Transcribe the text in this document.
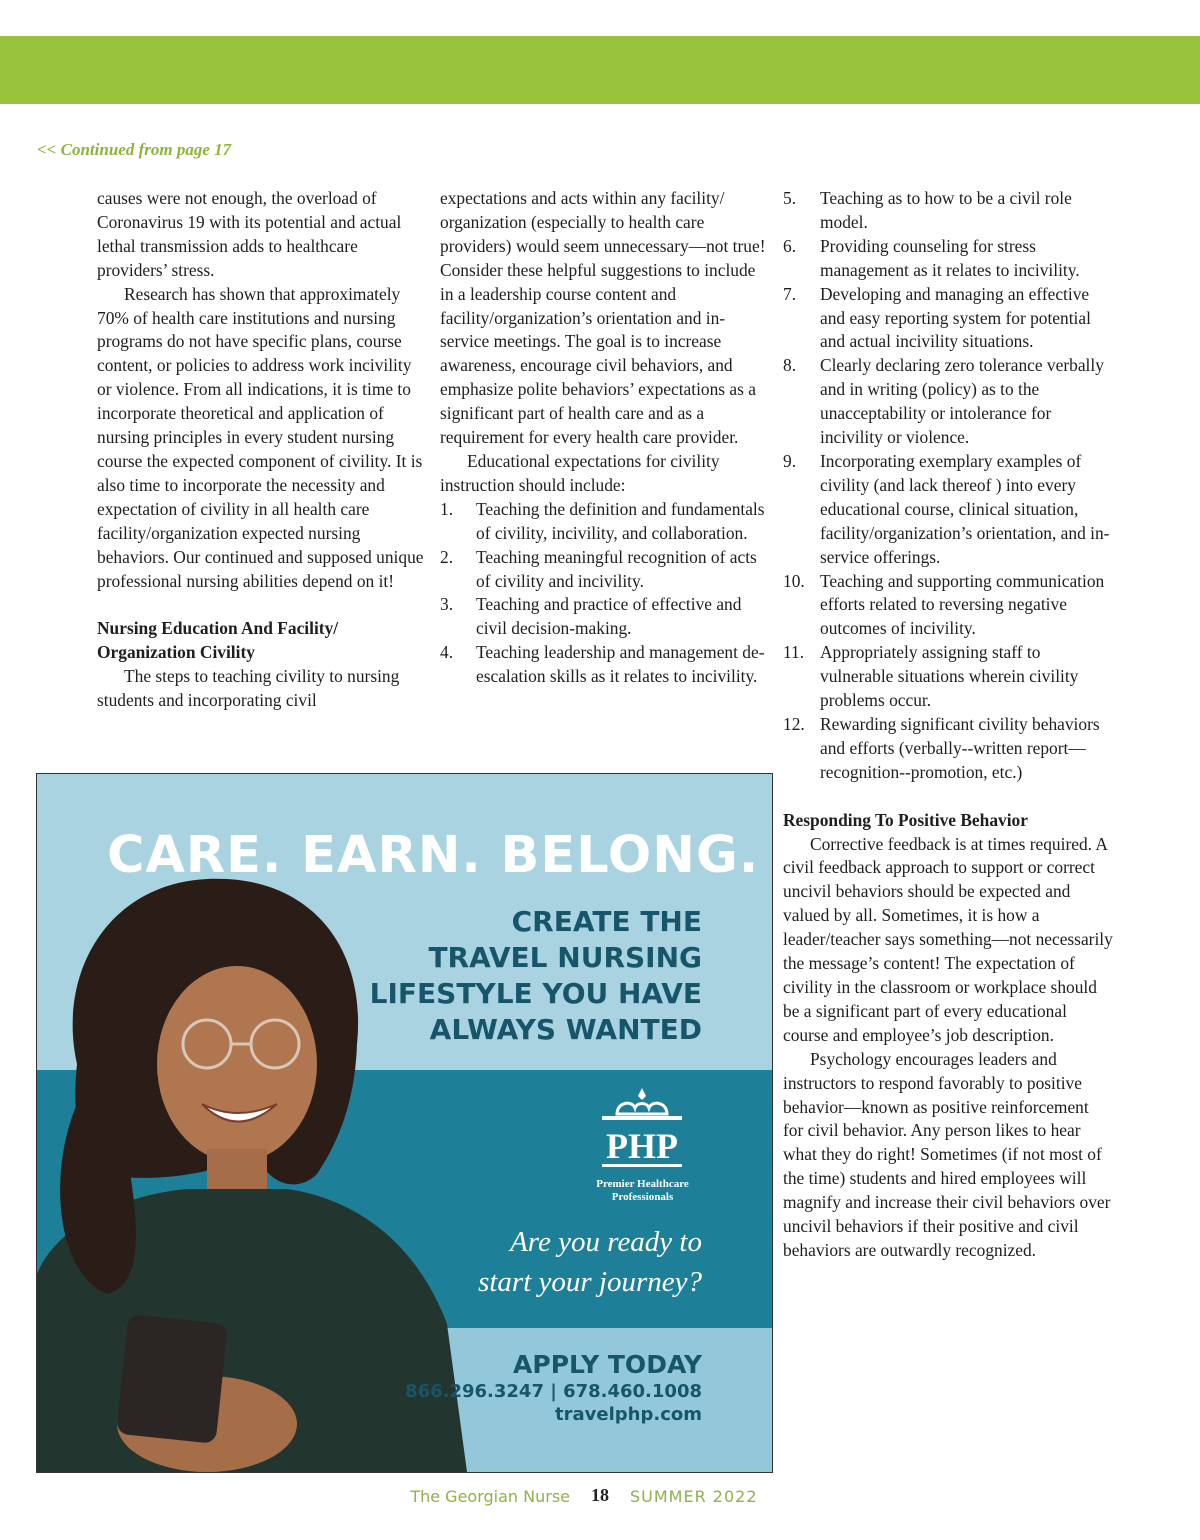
<< Continued from page 17

causes were not enough, the overload of Coronavirus 19 with its potential and actual lethal transmission adds to healthcare providers’ stress.

Research has shown that approximately 70% of health care institutions and nursing programs do not have specific plans, course content, or policies to address work incivility or violence. From all indications, it is time to incorporate theoretical and application of nursing principles in every student nursing course the expected component of civility. It is also time to incorporate the necessity and expectation of civility in all health care facility/organization expected nursing behaviors. Our continued and supposed unique professional nursing abilities depend on it!

Nursing Education And Facility/ Organization Civility

The steps to teaching civility to nursing students and incorporating civil

expectations and acts within any facility/ organization (especially to health care providers) would seem unnecessary—not true! Consider these helpful suggestions to include in a leadership course content and facility/organization’s orientation and in-service meetings. The goal is to increase awareness, encourage civil behaviors, and emphasize polite behaviors’ expectations as a significant part of health care and as a requirement for every health care provider.

Educational expectations for civility instruction should include:

1. Teaching the definition and fundamentals of civility, incivility, and collaboration.
2. Teaching meaningful recognition of acts of civility and incivility.
3. Teaching and practice of effective and civil decision-making.
4. Teaching leadership and management de-escalation skills as it relates to incivility.
5. Teaching as to how to be a civil role model.
6. Providing counseling for stress management as it relates to incivility.
7. Developing and managing an effective and easy reporting system for potential and actual incivility situations.
8. Clearly declaring zero tolerance verbally and in writing (policy) as to the unacceptability or intolerance for incivility or violence.
9. Incorporating exemplary examples of civility (and lack thereof ) into every educational course, clinical situation, facility/organization’s orientation, and in-service offerings.
10. Teaching and supporting communication efforts related to reversing negative outcomes of incivility.
11. Appropriately assigning staff to vulnerable situations wherein civility problems occur.
12. Rewarding significant civility behaviors and efforts (verbally--written report—recognition--promotion, etc.)
Responding To Positive Behavior

Corrective feedback is at times required. A civil feedback approach to support or correct uncivil behaviors should be expected and valued by all. Sometimes, it is how a leader/teacher says something—not necessarily the message’s content! The expectation of civility in the classroom or workplace should be a significant part of every educational course and employee’s job description.

Psychology encourages leaders and instructors to respond favorably to positive behavior—known as positive reinforcement for civil behavior. Any person likes to hear what they do right! Sometimes (if not most of the time) students and hired employees will magnify and increase their civil behaviors over uncivil behaviors if their positive and civil behaviors are outwardly recognized.

CARE. EARN. BELONG.
CREATE THE
TRAVEL NURSING
LIFESTYLE YOU HAVE
ALWAYS WANTED
PHP
Premier Healthcare
Professionals
Are you ready to
start your journey?
APPLY TODAY
866.296.3247 | 678.460.1008
travelphp.com
The Georgian Nurse 18 SUMMER 2022
